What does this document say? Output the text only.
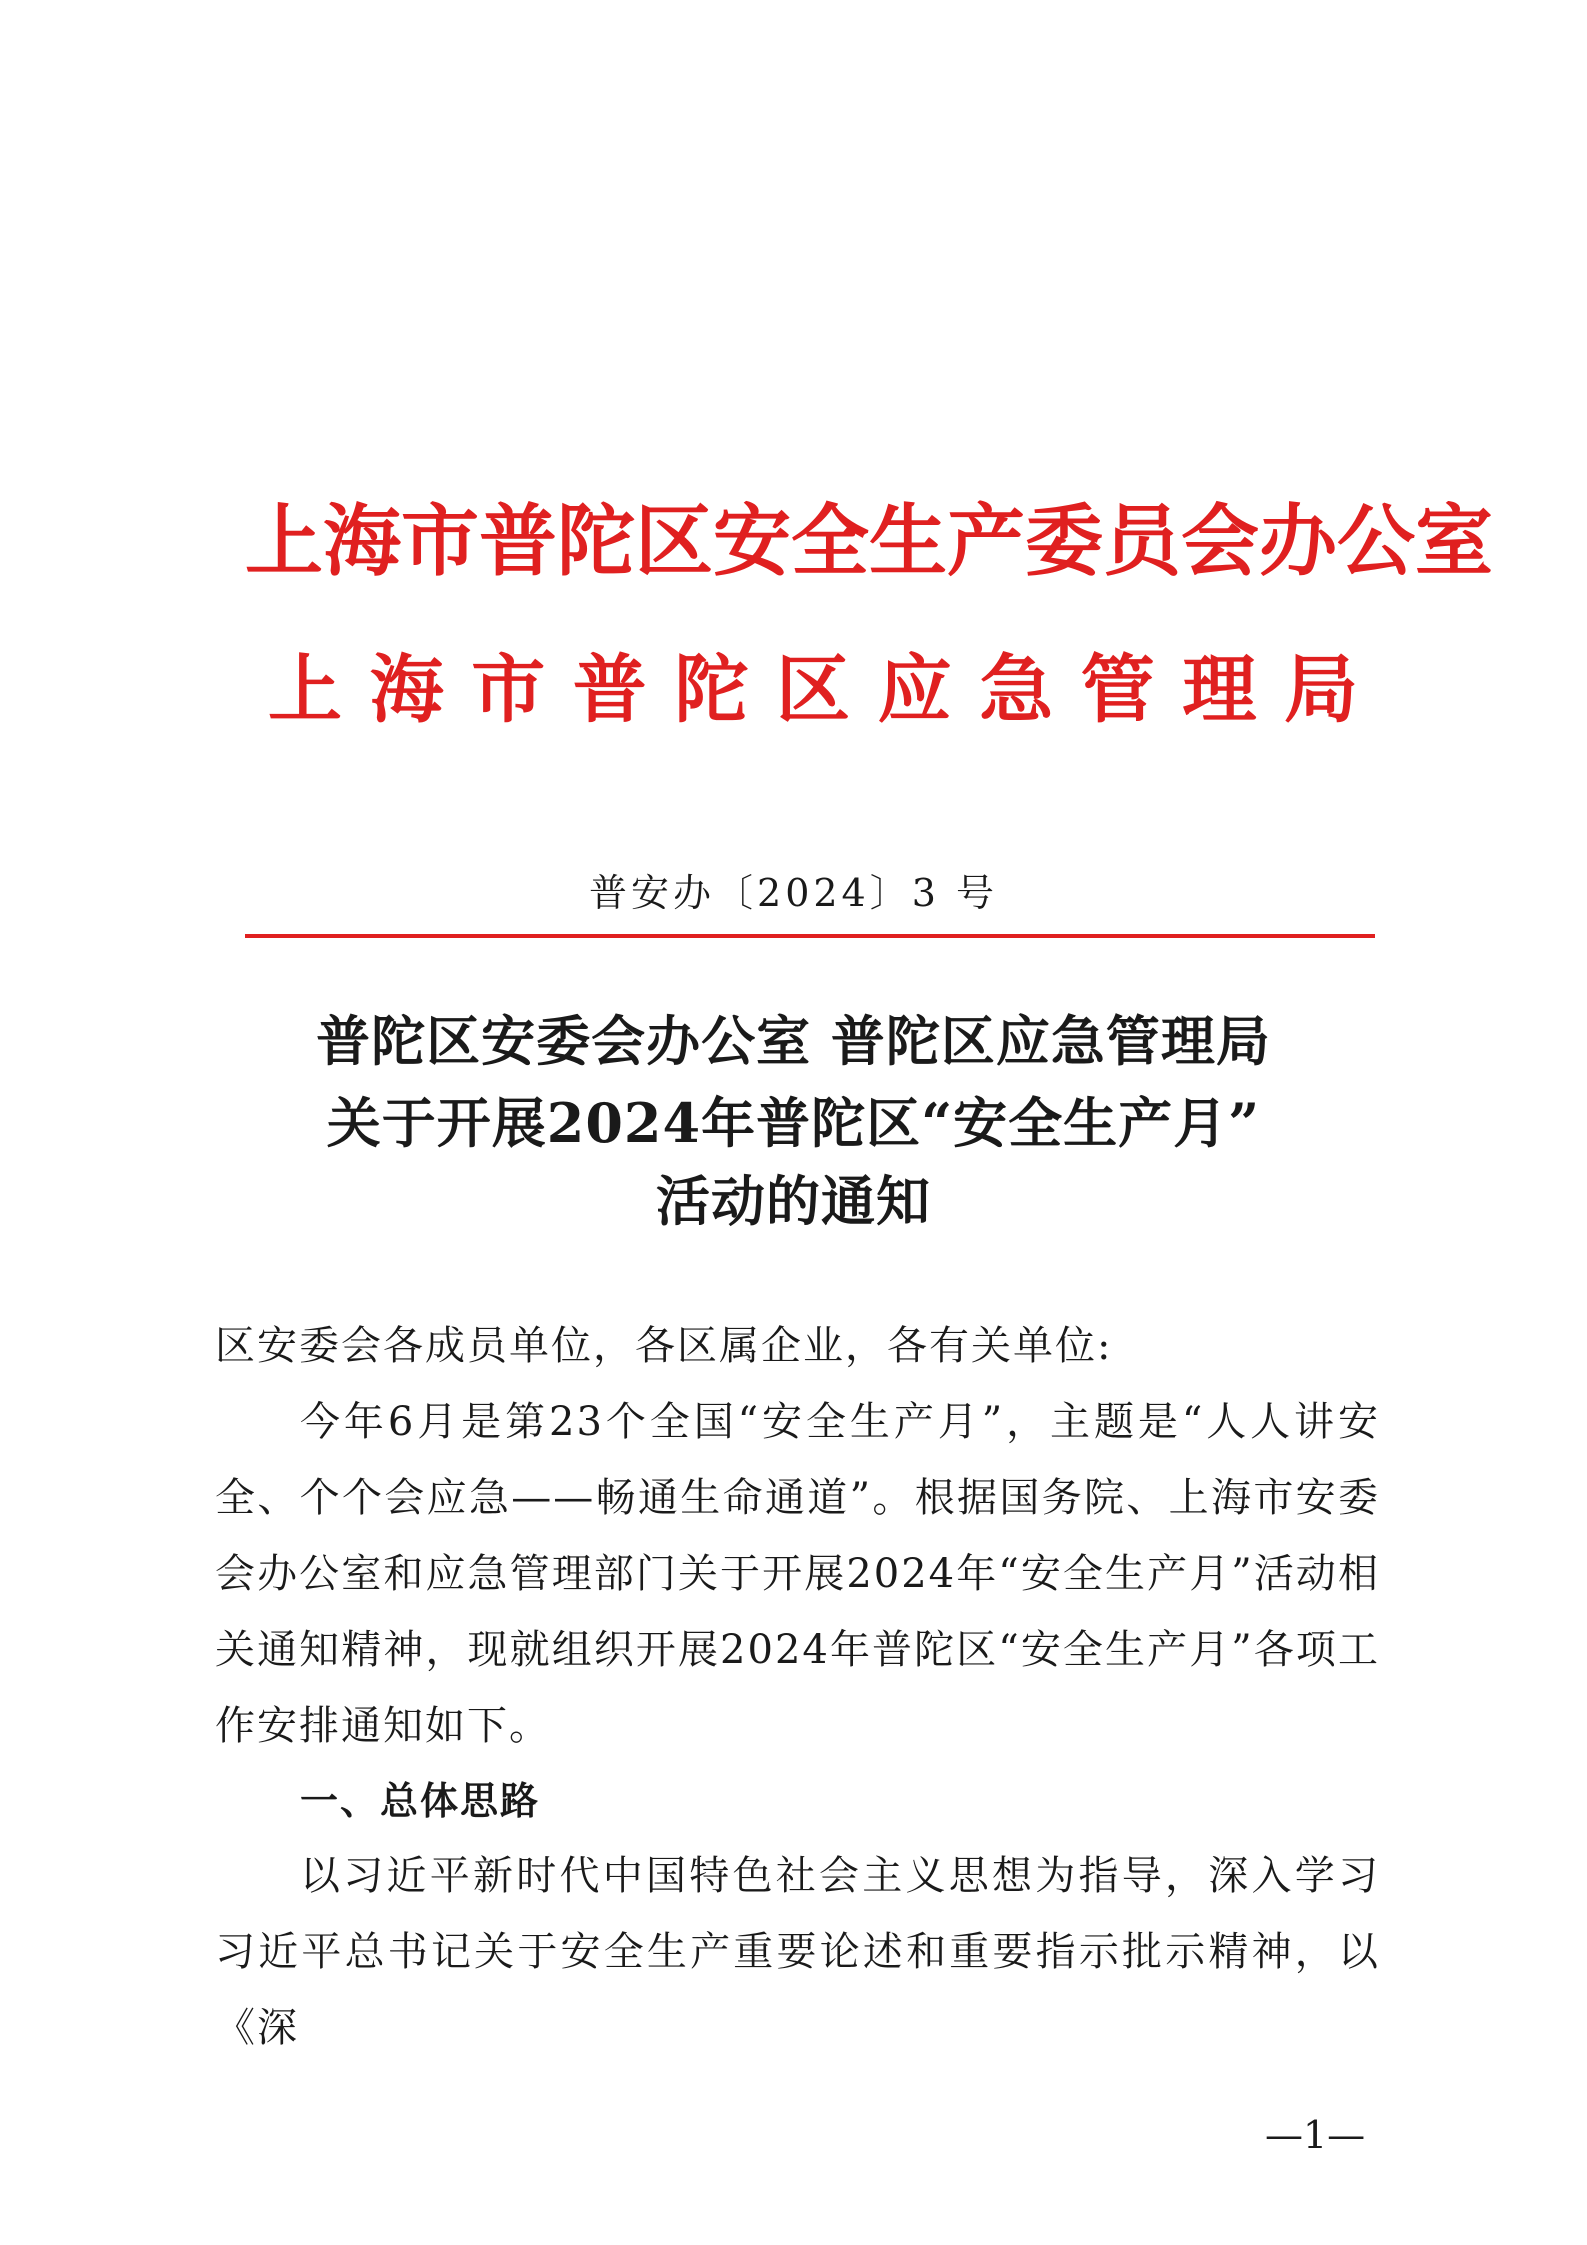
上海市普陀区安全生产委员会办公室
上海市普陀区应急管理局
普安办〔2024〕3 号
普陀区安委会办公室 普陀区应急管理局
关于开展2024年普陀区“安全生产月”
活动的通知
区安委会各成员单位，各区属企业，各有关单位:
今年6月是第23个全国“安全生产月”，主题是“人人讲安全、个个会应急——畅通生命通道”。根据国务院、上海市安委会办公室和应急管理部门关于开展2024年“安全生产月”活动相关通知精神，现就组织开展2024年普陀区“安全生产月”各项工作安排通知如下。
一、总体思路
以习近平新时代中国特色社会主义思想为指导，深入学习习近平总书记关于安全生产重要论述和重要指示批示精神，以《深
—1—
